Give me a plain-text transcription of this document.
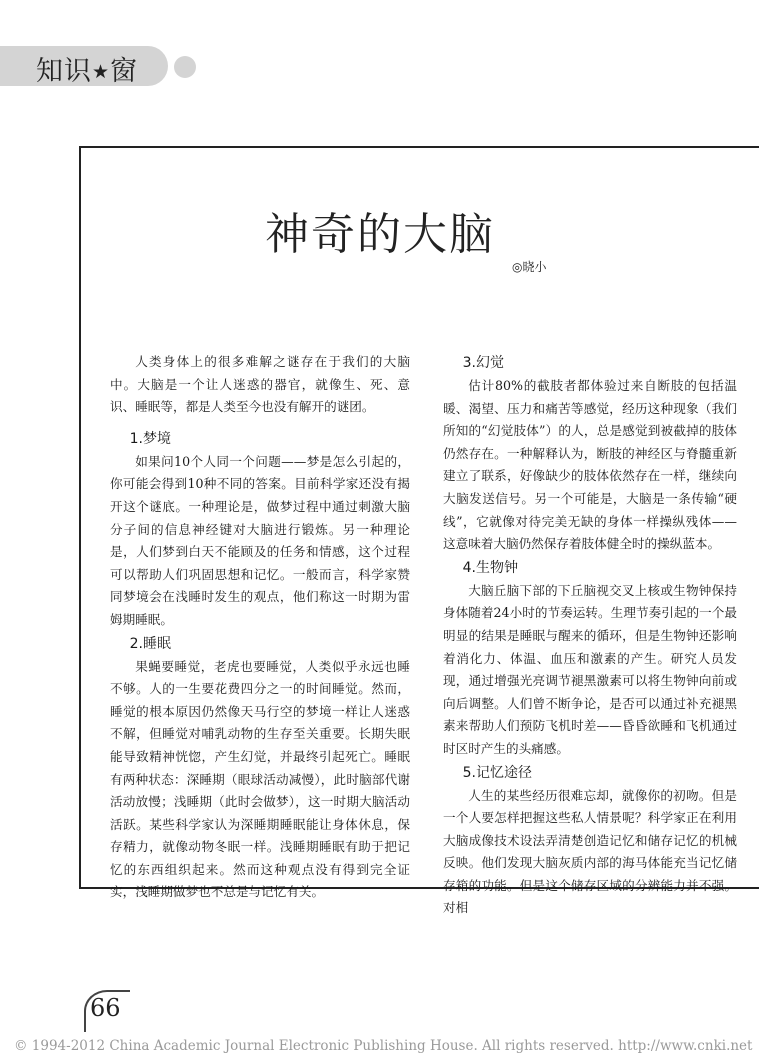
知识★窗
神奇的大脑
◎晓小

人类身体上的很多难解之谜存在于我们的大脑中。大脑是一个让人迷惑的器官，就像生、死、意识、睡眠等，都是人类至今也没有解开的谜团。

1.梦境

如果问10个人同一个问题——梦是怎么引起的，你可能会得到10种不同的答案。目前科学家还没有揭开这个谜底。一种理论是，做梦过程中通过刺激大脑分子间的信息神经键对大脑进行锻炼。另一种理论是，人们梦到白天不能顾及的任务和情感，这个过程可以帮助人们巩固思想和记忆。一般而言，科学家赞同梦境会在浅睡时发生的观点，他们称这一时期为雷姆期睡眠。

2.睡眠

果蝇要睡觉，老虎也要睡觉，人类似乎永远也睡不够。人的一生要花费四分之一的时间睡觉。然而，睡觉的根本原因仍然像天马行空的梦境一样让人迷惑不解，但睡觉对哺乳动物的生存至关重要。长期失眠能导致精神恍惚，产生幻觉，并最终引起死亡。睡眠有两种状态：深睡期（眼球活动减慢），此时脑部代谢活动放慢；浅睡期（此时会做梦），这一时期大脑活动活跃。某些科学家认为深睡期睡眠能让身体休息，保存精力，就像动物冬眠一样。浅睡期睡眠有助于把记忆的东西组织起来。然而这种观点没有得到完全证实，浅睡期做梦也不总是与记忆有关。

3.幻觉

估计80%的截肢者都体验过来自断肢的包括温暖、渴望、压力和痛苦等感觉，经历这种现象（我们所知的“幻觉肢体”）的人，总是感觉到被截掉的肢体仍然存在。一种解释认为，断肢的神经区与脊髓重新建立了联系，好像缺少的肢体依然存在一样，继续向大脑发送信号。另一个可能是，大脑是一条传输“硬线”，它就像对待完美无缺的身体一样操纵残体——这意味着大脑仍然保存着肢体健全时的操纵蓝本。

4.生物钟

大脑丘脑下部的下丘脑视交叉上核或生物钟保持身体随着24小时的节奏运转。生理节奏引起的一个最明显的结果是睡眠与醒来的循环，但是生物钟还影响着消化力、体温、血压和激素的产生。研究人员发现，通过增强光亮调节褪黑激素可以将生物钟向前或向后调整。人们曾不断争论，是否可以通过补充褪黑素来帮助人们预防飞机时差——昏昏欲睡和飞机通过时区时产生的头痛感。

5.记忆途径

人生的某些经历很难忘却，就像你的初吻。但是一个人要怎样把握这些私人情景呢？科学家正在利用大脑成像技术设法弄清楚创造记忆和储存记忆的机械反映。他们发现大脑灰质内部的海马体能充当记忆储存箱的功能。但是这个储存区域的分辨能力并不强。对相

66
© 1994-2012 China Academic Journal Electronic Publishing House. All rights reserved. http://www.cnki.net
